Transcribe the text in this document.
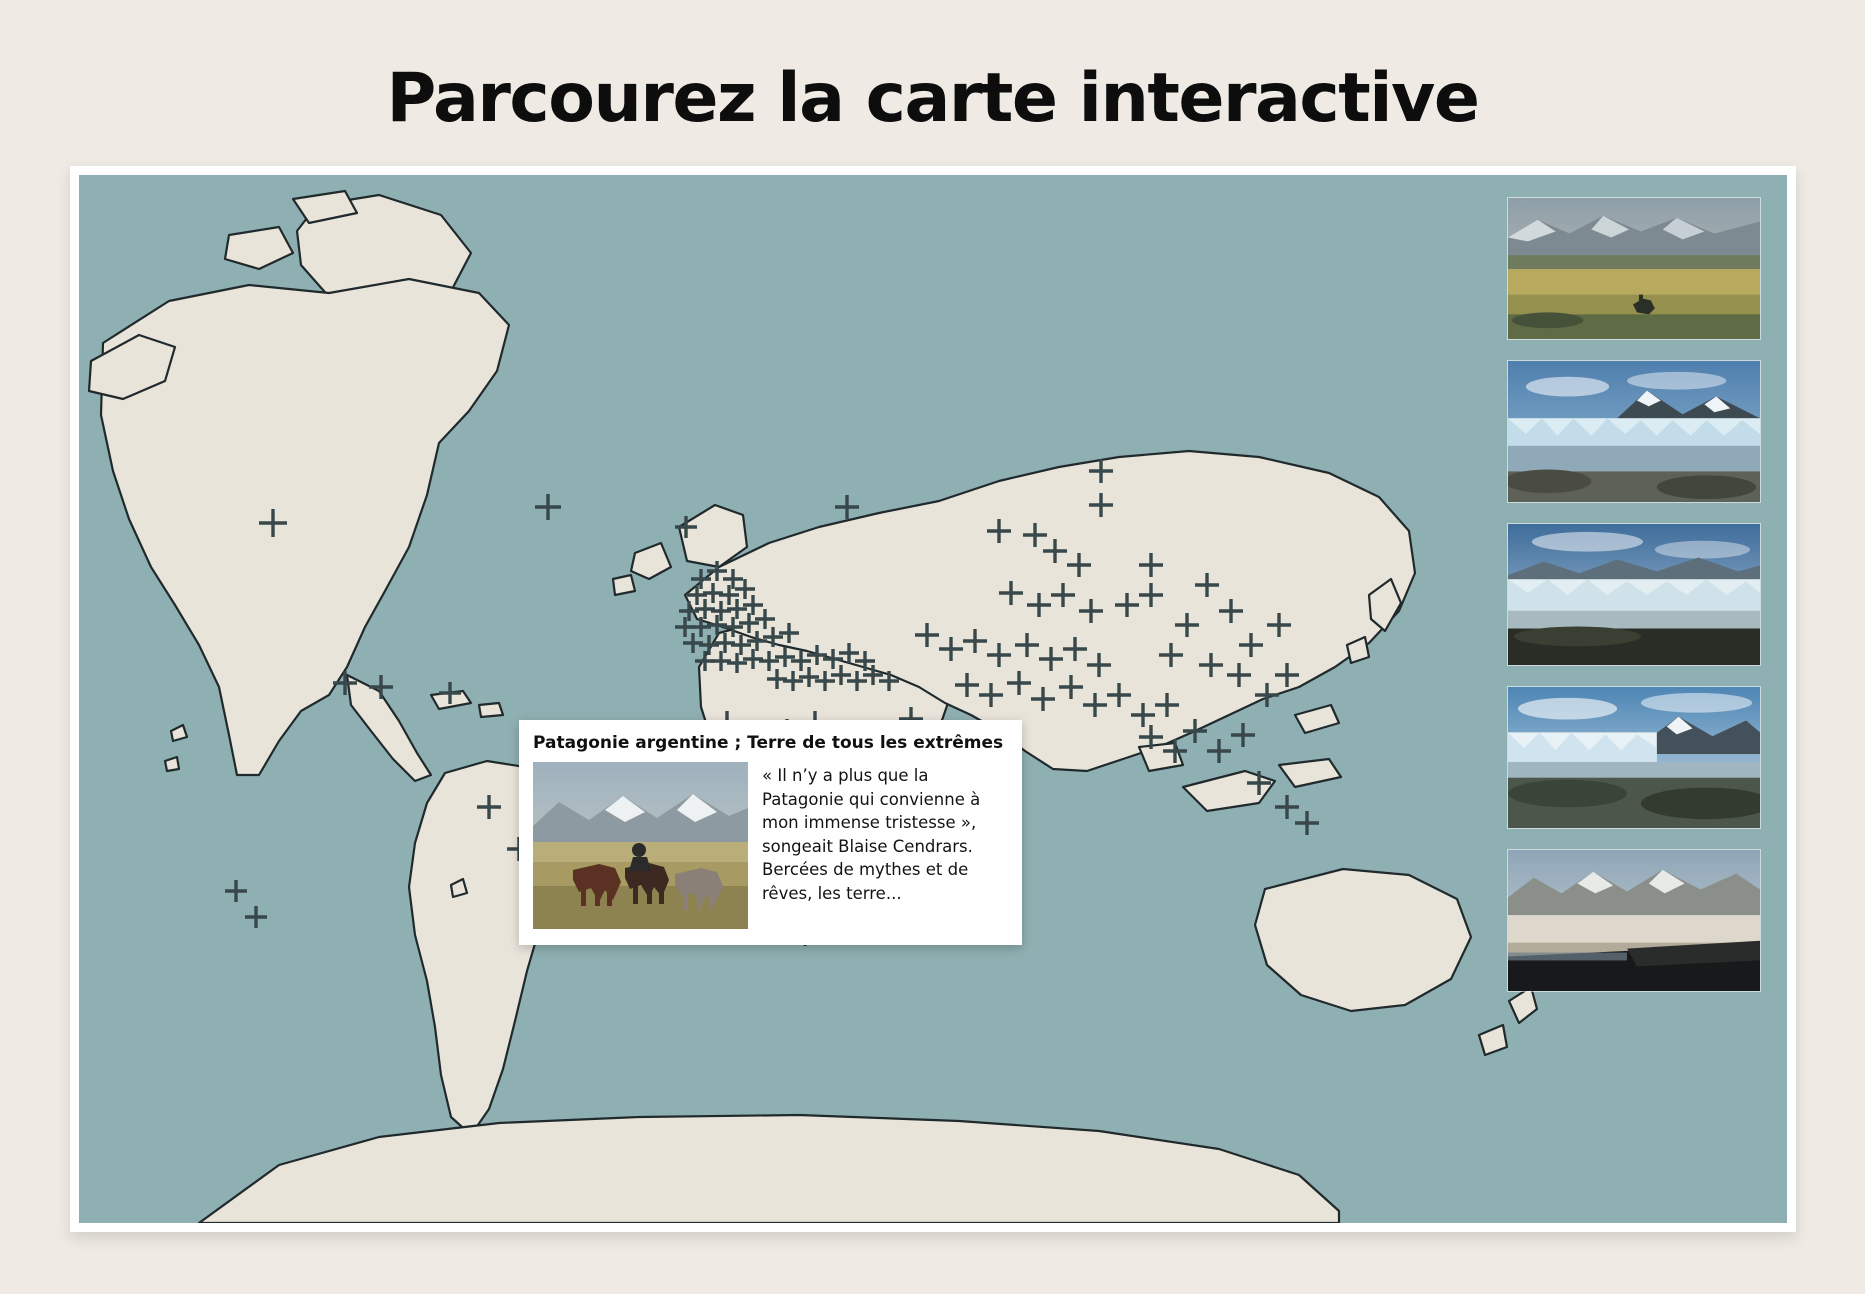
Parcourez la carte interactive
Patagonie argentine ; Terre de tous les extrêmes
« Il n’y a plus que la Patagonie qui convienne à mon immense tristesse », songeait Blaise Cendrars. Bercées de mythes et de rêves, les terre...
